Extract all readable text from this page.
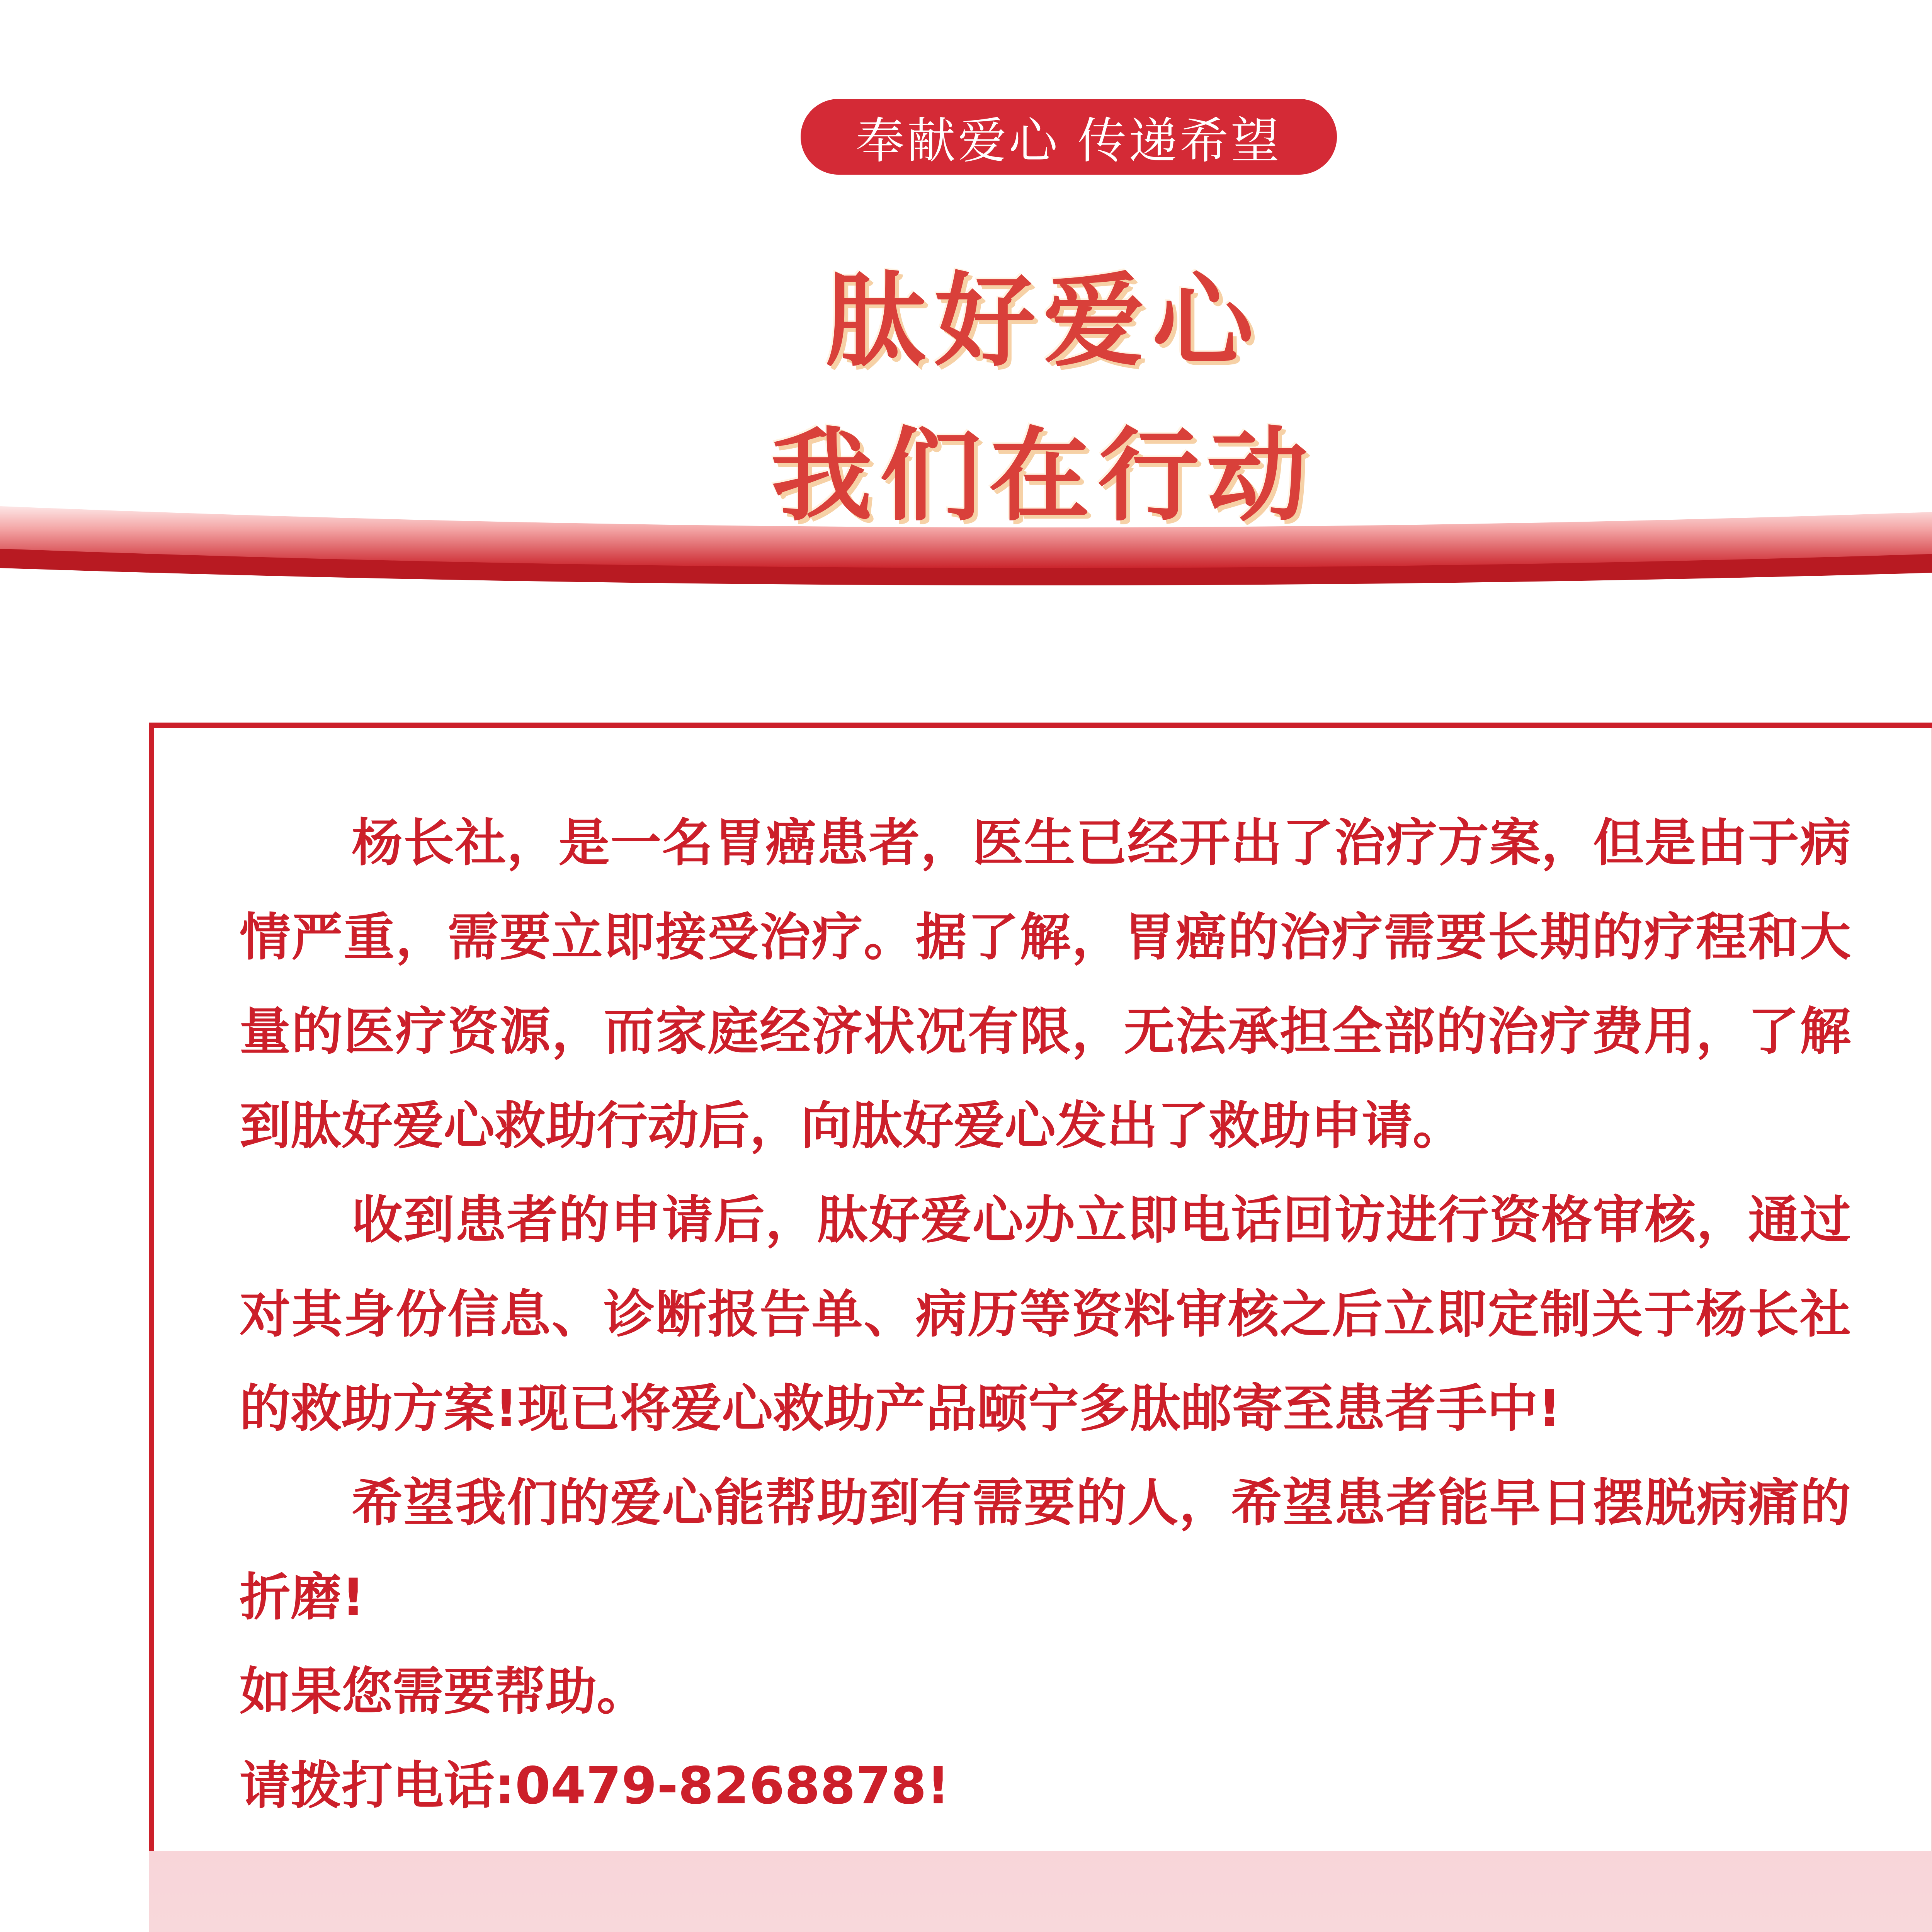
奉献爱心 传递希望
肽好爱心
我们在行动

杨长社，是一名胃癌患者，医生已经开出了治疗方案，但是由于病情严重，需要立即接受治疗。据了解，胃癌的治疗需要长期的疗程和大量的医疗资源，而家庭经济状况有限，无法承担全部的治疗费用，了解到肽好爱心救助行动后，向肽好爱心发出了救助申请。

收到患者的申请后，肽好爱心办立即电话回访进行资格审核，通过对其身份信息、诊断报告单、病历等资料审核之后立即定制关于杨长社的救助方案!现已将爱心救助产品颐宁多肽邮寄至患者手中!

希望我们的爱心能帮助到有需要的人，希望患者能早日摆脱病痛的折磨!

如果您需要帮助。

请拨打电话:0479-8268878!
